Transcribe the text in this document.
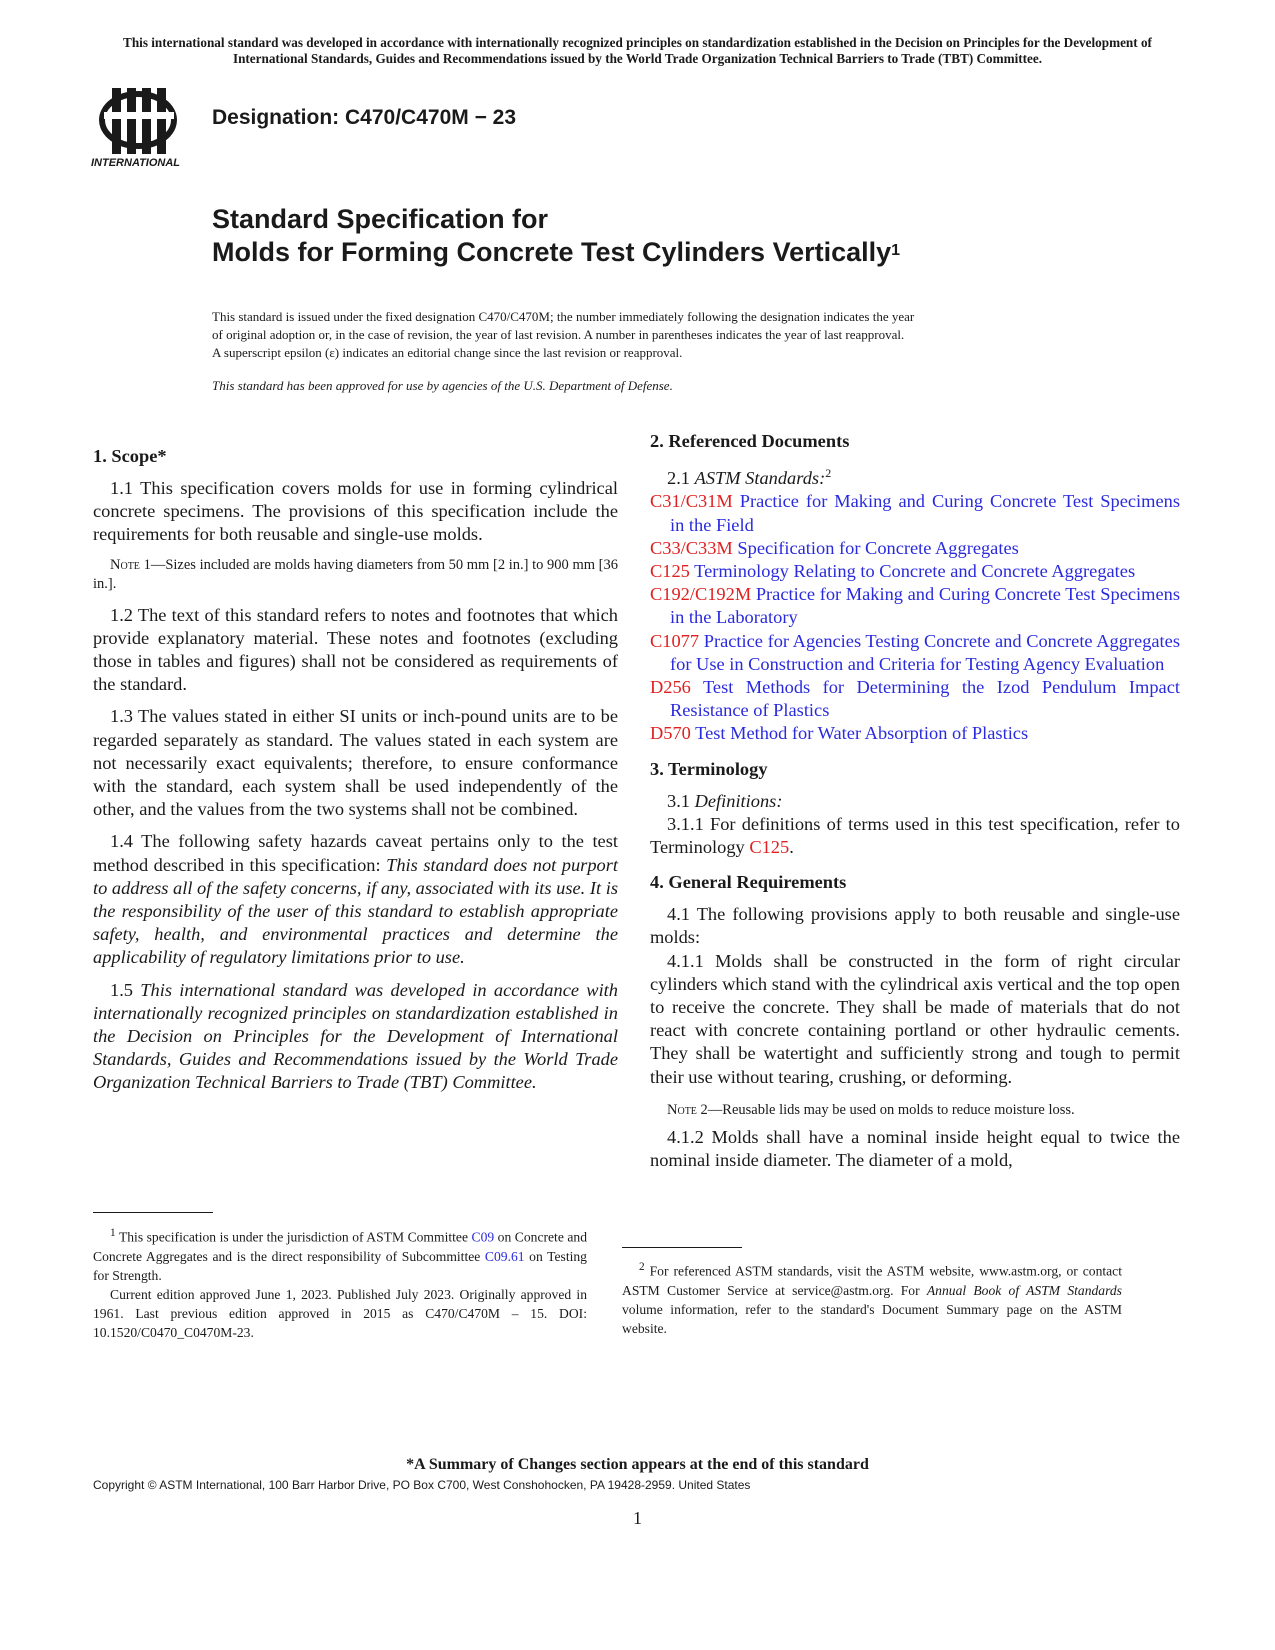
This international standard was developed in accordance with internationally recognized principles on standardization established in the Decision on Principles for the Development of International Standards, Guides and Recommendations issued by the World Trade Organization Technical Barriers to Trade (TBT) Committee.
INTERNATIONAL
Designation: C470/C470M − 23
Standard Specification for
Molds for Forming Concrete Test Cylinders Vertically$^1$

This standard is issued under the fixed designation C470/C470M; the number immediately following the designation indicates the year

of original adoption or, in the case of revision, the year of last revision. A number in parentheses indicates the year of last reapproval.

A superscript epsilon (ε) indicates an editorial change since the last revision or reapproval.

This standard has been approved for use by agencies of the U.S. Department of Defense.
1. Scope*

1.1 This specification covers molds for use in forming cylindrical concrete specimens. The provisions of this specification include the requirements for both reusable and single-use molds.

Note 1—Sizes included are molds having diameters from 50 mm [2 in.] to 900 mm [36 in.].

1.2 The text of this standard refers to notes and footnotes that which provide explanatory material. These notes and footnotes (excluding those in tables and figures) shall not be considered as requirements of the standard.

1.3 The values stated in either SI units or inch-pound units are to be regarded separately as standard. The values stated in each system are not necessarily exact equivalents; therefore, to ensure conformance with the standard, each system shall be used independently of the other, and the values from the two systems shall not be combined.

1.4 The following safety hazards caveat pertains only to the test method described in this specification: This standard does not purport to address all of the safety concerns, if any, associated with its use. It is the responsibility of the user of this standard to establish appropriate safety, health, and environmental practices and determine the applicability of regulatory limitations prior to use.

1.5 This international standard was developed in accordance with internationally recognized principles on standardization established in the Decision on Principles for the Development of International Standards, Guides and Recommendations issued by the World Trade Organization Technical Barriers to Trade (TBT) Committee.

$^1$ This specification is under the jurisdiction of ASTM Committee C09 on Concrete and Concrete Aggregates and is the direct responsibility of Subcommittee C09.61 on Testing for Strength.

Current edition approved June 1, 2023. Published July 2023. Originally approved in 1961. Last previous edition approved in 2015 as C470/C470M – 15. DOI: 10.1520/C0470_C0470M-23.

2. Referenced Documents

2.1 ASTM Standards:$^2$

C31/C31M Practice for Making and Curing Concrete Test Specimens in the Field

C33/C33M Specification for Concrete Aggregates

C125 Terminology Relating to Concrete and Concrete Aggregates

C192/C192M Practice for Making and Curing Concrete Test Specimens in the Laboratory

C1077 Practice for Agencies Testing Concrete and Concrete Aggregates for Use in Construction and Criteria for Testing Agency Evaluation

D256 Test Methods for Determining the Izod Pendulum Impact Resistance of Plastics

D570 Test Method for Water Absorption of Plastics

3. Terminology

3.1 Definitions:

3.1.1 For definitions of terms used in this test specification, refer to Terminology C125.

4. General Requirements

4.1 The following provisions apply to both reusable and single-use molds:

4.1.1 Molds shall be constructed in the form of right circular cylinders which stand with the cylindrical axis vertical and the top open to receive the concrete. They shall be made of materials that do not react with concrete containing portland or other hydraulic cements. They shall be watertight and sufficiently strong and tough to permit their use without tearing, crushing, or deforming.

Note 2—Reusable lids may be used on molds to reduce moisture loss.

4.1.2 Molds shall have a nominal inside height equal to twice the nominal inside diameter. The diameter of a mold,

$^2$ For referenced ASTM standards, visit the ASTM website, www.astm.org, or contact ASTM Customer Service at service@astm.org. For Annual Book of ASTM Standards volume information, refer to the standard's Document Summary page on the ASTM website.

*A Summary of Changes section appears at the end of this standard
Copyright © ASTM International, 100 Barr Harbor Drive, PO Box C700, West Conshohocken, PA 19428-2959. United States
1
